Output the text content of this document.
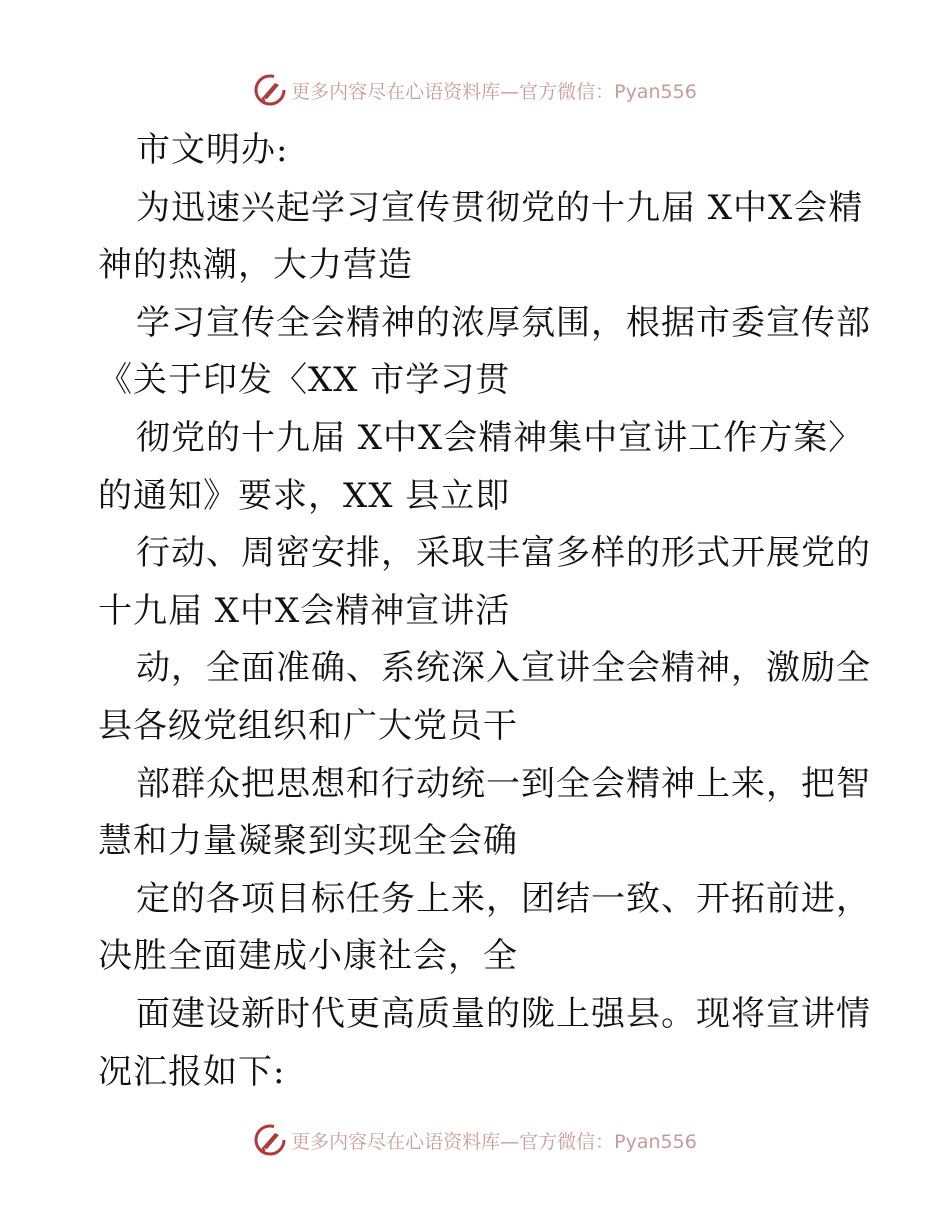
更多内容尽在心语资料库—官方微信：Pyan556
市文明办:
为迅速兴起学习宣传贯彻党的十九届 X中X会精
神的热潮，大力营造
学习宣传全会精神的浓厚氛围，根据市委宣传部
《关于印发〈XX 市学习贯
彻党的十九届 X中X会精神集中宣讲工作方案〉
的通知》要求，XX 县立即
行动、周密安排，采取丰富多样的形式开展党的
十九届 X中X会精神宣讲活
动，全面准确、系统深入宣讲全会精神，激励全
县各级党组织和广大党员干
部群众把思想和行动统一到全会精神上来，把智
慧和力量凝聚到实现全会确
定的各项目标任务上来，团结一致、开拓前进，
决胜全面建成小康社会，全
面建设新时代更高质量的陇上强县。现将宣讲情
况汇报如下:
更多内容尽在心语资料库—官方微信：Pyan556
